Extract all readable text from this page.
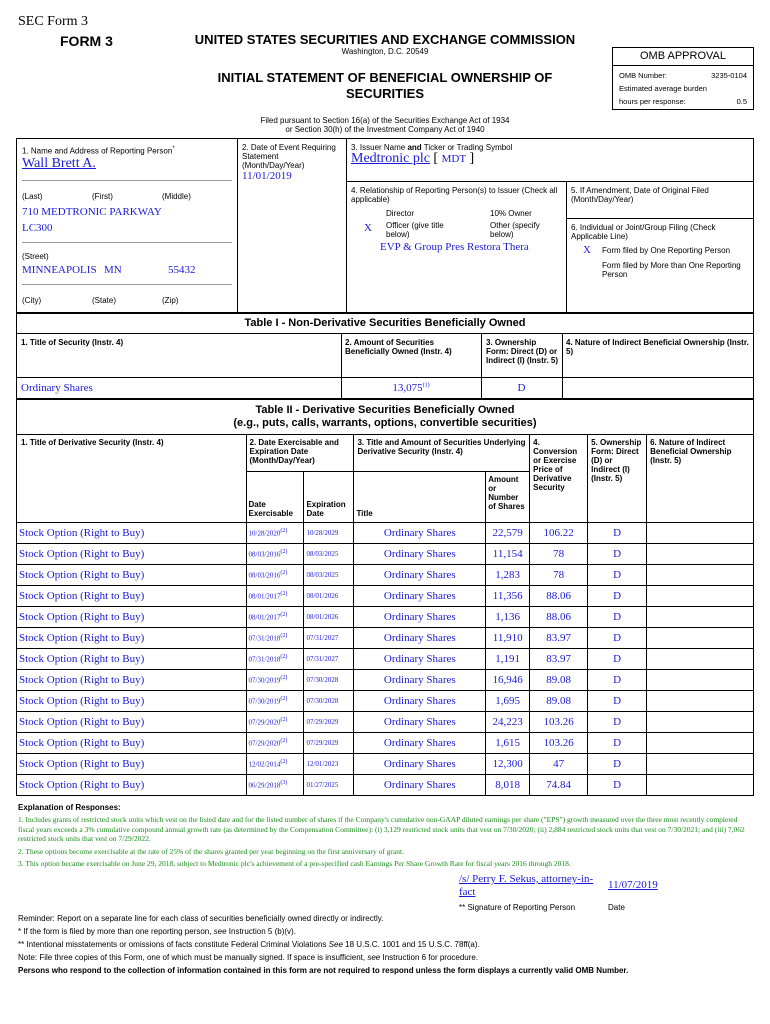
SEC Form 3
FORM 3	UNITED STATES SECURITIES AND EXCHANGE COMMISSION
Washington, D.C. 20549
INITIAL STATEMENT OF BENEFICIAL OWNERSHIP OF
SECURITIES
OMB APPROVAL
OMB Number:	3235-0104
Estimated average burden
hours per response:	0.5
Filed pursuant to Section 16(a) of the Securities Exchange Act of 1934
or Section 30(h) of the Investment Company Act of 1940
1. Name and Address of Reporting Person*
Wall Brett A.
(Last)	(First)	(Middle)
710 MEDTRONIC PARKWAY
LC300
(Street)
MINNEAPOLIS MN	55432
(City)	(State)	(Zip)
2. Date of Event Requiring Statement (Month/Day/Year)
11/01/2019
3. Issuer Name and Ticker or Trading Symbol
Medtronic plc [ MDT ]
4. Relationship of Reporting Person(s) to Issuer (Check all applicable)
Director	10% Owner
X Officer (give title below)
Other (specify below)
EVP & Group Pres Restora Thera
5. If Amendment, Date of Original Filed (Month/Day/Year)
6. Individual or Joint/Group Filing (Check Applicable Line)
X Form filed by One Reporting Person
Form filed by More than One Reporting Person
Table I - Non-Derivative Securities Beneficially Owned
1. Title of Security (Instr. 4)	2. Amount of Securities Beneficially Owned (Instr. 4)
3. Ownership Form: Direct (D) or Indirect (I) (Instr. 5)
4. Nature of Indirect Beneficial Ownership (Instr. 5)
Ordinary Shares	13,075$^{(1)}$	D
Table II - Derivative Securities Beneficially Owned
(e.g., puts, calls, warrants, options, convertible securities)
1. Title of Derivative Security (Instr. 4)	2. Date Exercisable and Expiration Date (Month/Day/Year)		3. Title and Amount of Securities Underlying Derivative Security (Instr. 4)		4. Conversion or Exercise Price of Derivative Security	5. Ownership Form: Direct (D) or Indirect (I) (Instr. 5)	6. Nature of Indirect Beneficial Ownership (Instr. 5)
	Date Exercisable	Expiration Date	Title	Amount or Number of Shares			
Stock Option (Right to Buy)	10/28/2020$^{(2)}$	10/28/2029	Ordinary Shares	22,579	106.22	D	
Stock Option (Right to Buy)	08/03/2016$^{(2)}$	08/03/2025	Ordinary Shares	11,154	78	D	
Stock Option (Right to Buy)	08/03/2016$^{(2)}$	08/03/2025	Ordinary Shares	1,283	78	D	
Stock Option (Right to Buy)	08/01/2017$^{(2)}$	08/01/2026	Ordinary Shares	11,356	88.06	D	
Stock Option (Right to Buy)	08/01/2017$^{(2)}$	08/01/2026	Ordinary Shares	1,136	88.06	D	
Stock Option (Right to Buy)	07/31/2018$^{(2)}$	07/31/2027	Ordinary Shares	11,910	83.97	D	
Stock Option (Right to Buy)	07/31/2018$^{(2)}$	07/31/2027	Ordinary Shares	1,191	83.97	D	
Stock Option (Right to Buy)	07/30/2019$^{(2)}$	07/30/2028	Ordinary Shares	16,946	89.08	D	
Stock Option (Right to Buy)	07/30/2019$^{(2)}$	07/30/2028	Ordinary Shares	1,695	89.08	D	
Stock Option (Right to Buy)	07/29/2020$^{(2)}$	07/29/2029	Ordinary Shares	24,223	103.26	D	
Stock Option (Right to Buy)	07/29/2020$^{(2)}$	07/29/2029	Ordinary Shares	1,615	103.26	D	
Stock Option (Right to Buy)	12/02/2014$^{(2)}$	12/01/2023	Ordinary Shares	12,300	47	D	
Stock Option (Right to Buy)	06/29/2018$^{(3)}$	01/27/2025	Ordinary Shares	8,018	74.84	D	
Explanation of Responses:
1. Includes grants of restricted stock units which vest on the listed date and for the listed number of shares if the Company's cumulative non-GAAP diluted earnings per share ("EPS") growth measured over the three most recently completed fiscal years exceeds a 3% cumulative compound annual growth rate (as determined by the Compensation Committee): (i) 3,129 restricted stock units that vest on 7/30/2020; (ii) 2,884 restricted stock units that vest on 7/30/2021; and (iii) 7,062 restricted stock units that vest on 7/29/2022.
2. These options become exercisable at the rate of 25% of the shares granted per year beginning on the first anniversary of grant.
3. This option became exercisable on June 29, 2018, subject to Medtronic plc's achievement of a pre-specified cash Earnings Per Share Growth Rate for fiscal years 2016 through 2018.
/s/ Perry F. Sekus, attorney-in-
fact
11/07/2019
** Signature of Reporting Person	Date
Reminder: Report on a separate line for each class of securities beneficially owned directly or indirectly.
* If the form is filed by more than one reporting person, see Instruction 5 (b)(v).
** Intentional misstatements or omissions of facts constitute Federal Criminal Violations See 18 U.S.C. 1001 and 15 U.S.C. 78ff(a).
Note: File three copies of this Form, one of which must be manually signed. If space is insufficient, see Instruction 6 for procedure.
Persons who respond to the collection of information contained in this form are not required to respond unless the form displays a currently valid OMB Number.
